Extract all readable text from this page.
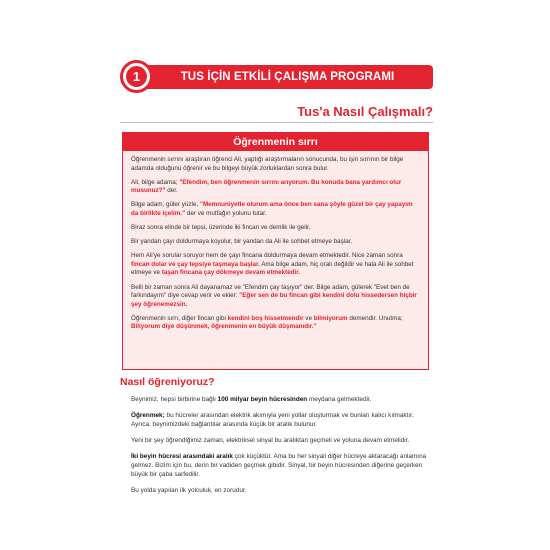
TUS İÇİN ETKİLİ ÇALIŞMA PROGRAMI
1
Tus'a Nasıl Çalışmalı?
Öğrenmenin sırrı

Öğrenmenin sırrını araştıran öğrenci Ali, yaptığı araştırmaların sonucunda, bu işin sırrının bir bilge adamda olduğunu öğrenir ve bu bilgeyi büyük zorluklardan sonra bulur.

Ali, bilge adama; "Efendim, ben öğrenmenin sırrını arıyorum. Bu konuda bana yardımcı olur musunuz?" der.

Bilge adam, güler yüzle, "Memnuniyetle olurum ama önce ben sana şöyle güzel bir çay yapayım da birlikte içelim." der ve mutfağın yolunu tutar.

Biraz sonra elinde bir tepsi, üzerinde iki fincan ve demlik ile gelir.

Bir yandan çayı doldurmaya koyulur, bir yandan da Ali ile sohbet etmeye başlar.

Hem Ali'ye sorular soruyor hem de çayı fincana doldurmaya devam etmektedir. Nice zaman sonra fincan dolar ve çay tepsiye taşmaya başlar. Ama bilge adam, hiç oralı değildir ve hala Ali ile sohbet etmeye ve taşan fincana çay dökmeye devam etmektedir.

Belli bir zaman sonra Ali dayanamaz ve "Efendim çay taşıyor" der. Bilge adam, gülerek "Evet ben de farkındayım" diye cevap verir ve ekler: "Eğer sen de bu fincan gibi kendini dolu hissedersen hiçbir şey öğrenemezsin.

Öğrenmenin sırrı, diğer fincan gibi kendini boş hissetmendir ve bilmiyorum demendir. Unutma; Biliyorum diye düşünmek, öğrenmenin en büyük düşmanıdır."

Nasıl öğreniyoruz?

Beynimiz, hepsi birbirine bağlı 100 milyar beyin hücresinden meydana gelmektedir.

Öğrenmek; bu hücreler arasından elektrik akımıyla yeni yollar oluşturmak ve bunları kalıcı kılmaktır. Ayrıca, beynimizdeki bağlantılar arasında küçük bir aralık bulunur.

Yeni bir şey öğrendiğimiz zaman, elektriksel sinyal bu aralıktan geçmeli ve yoluna devam etmelidir.

İki beyin hücresi arasındaki aralık çok küçüktür. Ama bu her sinyali diğer hücreye aktaracağı anlamına gelmez. Bizim için bu, derin bir vadiden geçmek gibidir. Sinyal, bir beyin hücresinden diğerine geçerken büyük bir çaba sarfedilir.

Bu yolda yapılan ilk yolculuk, en zorudur.
